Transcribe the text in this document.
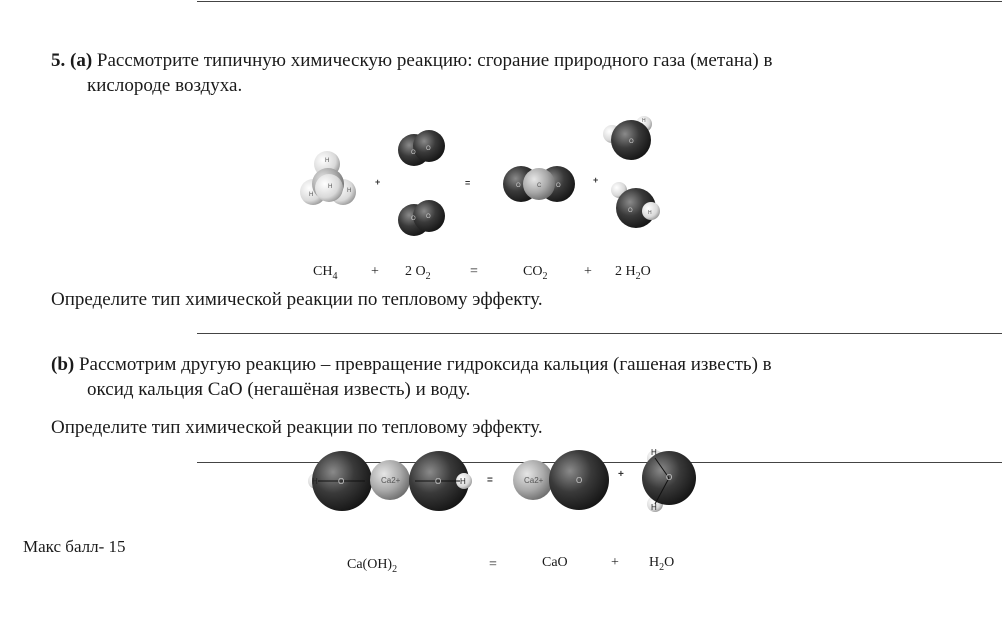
5. (a) Рассмотрите типичную химическую реакцию: сгорание природного газа (метана) в
кислороде воздуха.
H
H
H
H
+
O
O
O O
=	O	C O
+
O
H
O	H
$CH_4 + 2$ $O_2$	=	$CO_2$	+ 2 $H_2O$
Определите тип химической реакции по тепловому эффекту.
(b) Рассмотрим другую реакцию – превращение гидроксида кальция (гашеная известь) в
оксид кальция CaO (негашёная известь) и воду.
Определите тип химической реакции по тепловому эффекту.
H	O	Ca2+	O H =	Ca2+	O
+
H
O
H
Макс балл- 15
$Ca(OH)_2$	=	CaO	+ $H_2O$
